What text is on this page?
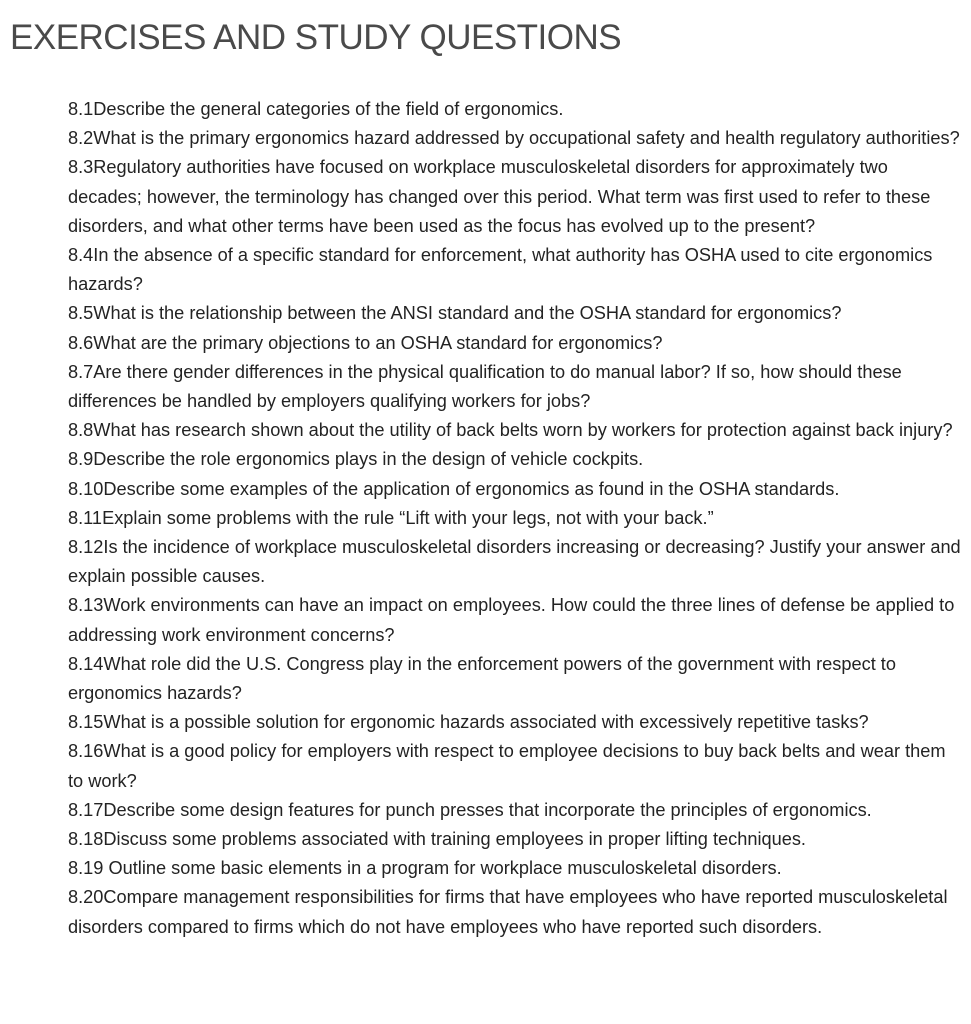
EXERCISES AND STUDY QUESTIONS
8.1Describe the general categories of the field of ergonomics.
8.2What is the primary ergonomics hazard addressed by occupational safety and health regulatory authorities?
8.3Regulatory authorities have focused on workplace musculoskeletal disorders for approximately two decades; however, the terminology has changed over this period. What term was first used to refer to these disorders, and what other terms have been used as the focus has evolved up to the present?
8.4In the absence of a specific standard for enforcement, what authority has OSHA used to cite ergonomics hazards?
8.5What is the relationship between the ANSI standard and the OSHA standard for ergonomics?
8.6What are the primary objections to an OSHA standard for ergonomics?
8.7Are there gender differences in the physical qualification to do manual labor? If so, how should these differences be handled by employers qualifying workers for jobs?
8.8What has research shown about the utility of back belts worn by workers for protection against back injury?
8.9Describe the role ergonomics plays in the design of vehicle cockpits.
8.10Describe some examples of the application of ergonomics as found in the OSHA standards.
8.11Explain some problems with the rule “Lift with your legs, not with your back.”
8.12Is the incidence of workplace musculoskeletal disorders increasing or decreasing? Justify your answer and explain possible causes.
8.13Work environments can have an impact on employees. How could the three lines of defense be applied to addressing work environment concerns?
8.14What role did the U.S. Congress play in the enforcement powers of the government with respect to ergonomics hazards?
8.15What is a possible solution for ergonomic hazards associated with excessively repetitive tasks?
8.16What is a good policy for employers with respect to employee decisions to buy back belts and wear them to work?
8.17Describe some design features for punch presses that incorporate the principles of ergonomics.
8.18Discuss some problems associated with training employees in proper lifting techniques.
8.19 Outline some basic elements in a program for workplace musculoskeletal disorders.
8.20Compare management responsibilities for firms that have employees who have reported musculoskeletal disorders compared to firms which do not have employees who have reported such disorders.
